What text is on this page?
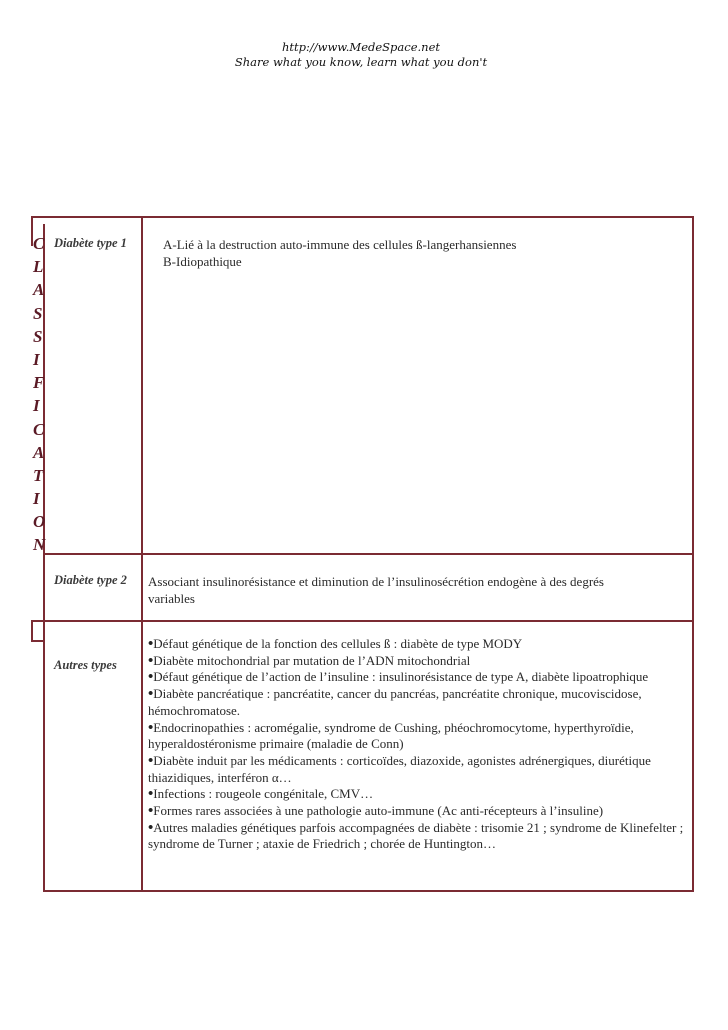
http://www.MedeSpace.net
Share what you know, learn what you don't
C
L
A
S
S
I
F
I
C
A
T
I
O
N
Diabète type 1	A-Lié à la destruction auto-immune des cellules ß-langerhansiennes
B-Idiopathique
Diabète type 2 Associant insulinorésistance et diminution de l’insulinosécrétion endogène à des degrés
variables
Autres types
•Défaut génétique de la fonction des cellules ß : diabète de type MODY
•Diabète mitochondrial par mutation de l’ADN mitochondrial
•Défaut génétique de l’action de l’insuline : insulinorésistance de type A, diabète lipoatrophique
•Diabète pancréatique : pancréatite, cancer du pancréas, pancréatite chronique, mucoviscidose, hémochromatose.
•Endocrinopathies : acromégalie, syndrome de Cushing, phéochromocytome, hyperthyroïdie, hyperaldostéronisme primaire (maladie de Conn)
•Diabète induit par les médicaments : corticoïdes, diazoxide, agonistes adrénergiques, diurétique thiazidiques, interféron α…
•Infections : rougeole congénitale, CMV…
•Formes rares associées à une pathologie auto-immune (Ac anti-récepteurs à l’insuline)
•Autres maladies génétiques parfois accompagnées de diabète : trisomie 21 ; syndrome de Klinefelter ; syndrome de Turner ; ataxie de Friedrich ; chorée de Huntington…
